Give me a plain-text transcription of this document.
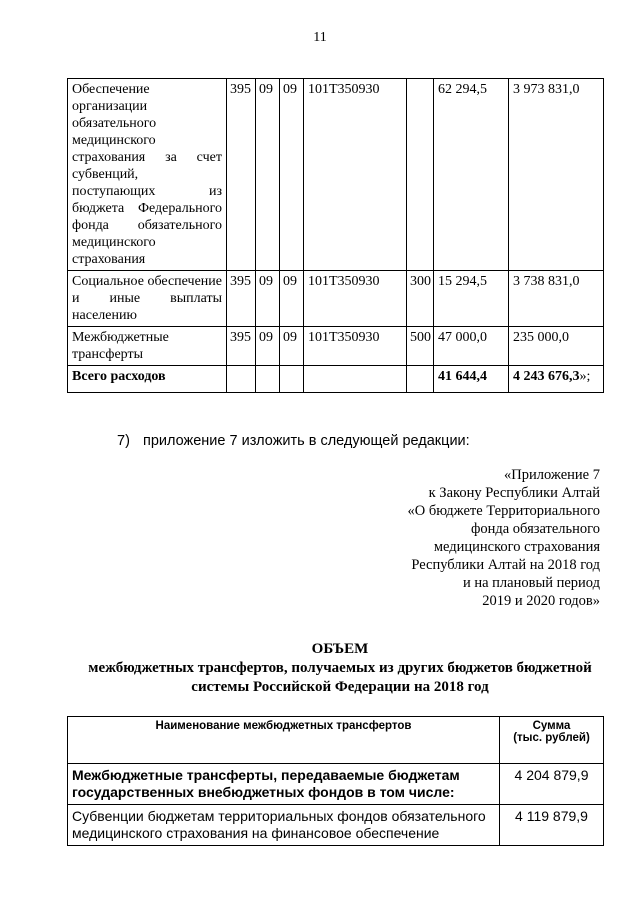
11
Обеспечение организации обязательного медицинского страхования за счет субвенций, поступающих из бюджета Федерального фонда обязательного медицинского страхования	395	09	09	101Т350930		62 294,5	3 973 831,0
Социальное обеспечение и иные выплаты населению	395	09	09	101Т350930	300	15 294,5	3 738 831,0
Межбюджетные трансферты	395	09	09	101Т350930	500	47 000,0	235 000,0
Всего расходов						41 644,4	4 243 676,3»;
7) приложение 7 изложить в следующей редакции:
«Приложение 7
к Закону Республики Алтай
«О бюджете Территориального
фонда обязательного
медицинского страхования
Республики Алтай на 2018 год
и на плановый период
2019 и 2020 годов»
ОБЪЕМ
межбюджетных трансфертов, получаемых из других бюджетов бюджетной
системы Российской Федерации на 2018 год
Наименование межбюджетных трансфертов	Сумма
(тыс. рублей)

Межбюджетные трансферты, передаваемые бюджетам государственных внебюджетных фондов в том числе:	4 204 879,9
Субвенции бюджетам территориальных фондов обязательного медицинского страхования на финансовое обеспечение	4 119 879,9
